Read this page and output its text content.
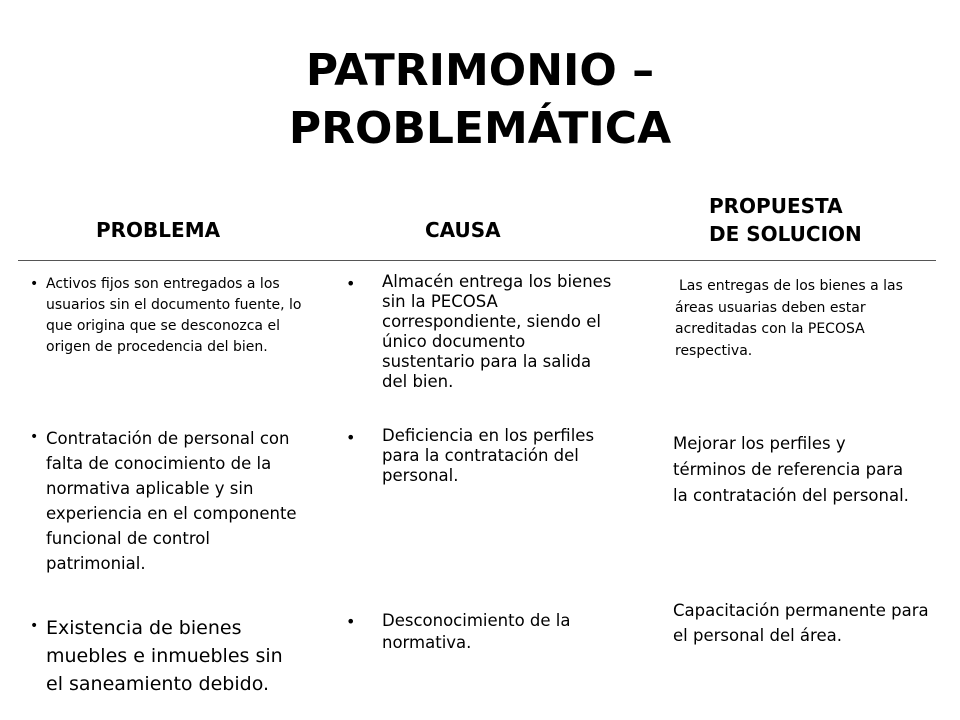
PATRIMONIO –
PROBLEMÁTICA
PROBLEMA	CAUSA
PROPUESTA
DE SOLUCION
• Activos fijos son entregados a los usuarios sin el documento fuente, lo que origina que se desconozca el origen de procedencia del bien.
• Contratación de personal con falta de conocimiento de la normativa aplicable y sin experiencia en el componente funcional de control patrimonial.
• Existencia de bienes muebles e inmuebles sin el saneamiento debido.
• Almacén entrega los bienes sin la PECOSA correspondiente, siendo el único documento sustentario para la salida del bien.
• Deficiencia en los perfiles para la contratación del personal.
• Desconocimiento de la normativa.

Las entregas de los bienes a las áreas usuarias deben estar acreditadas con la PECOSA respectiva.

Mejorar los perfiles y términos de referencia para la contratación del personal.

Capacitación permanente para el personal del área.
